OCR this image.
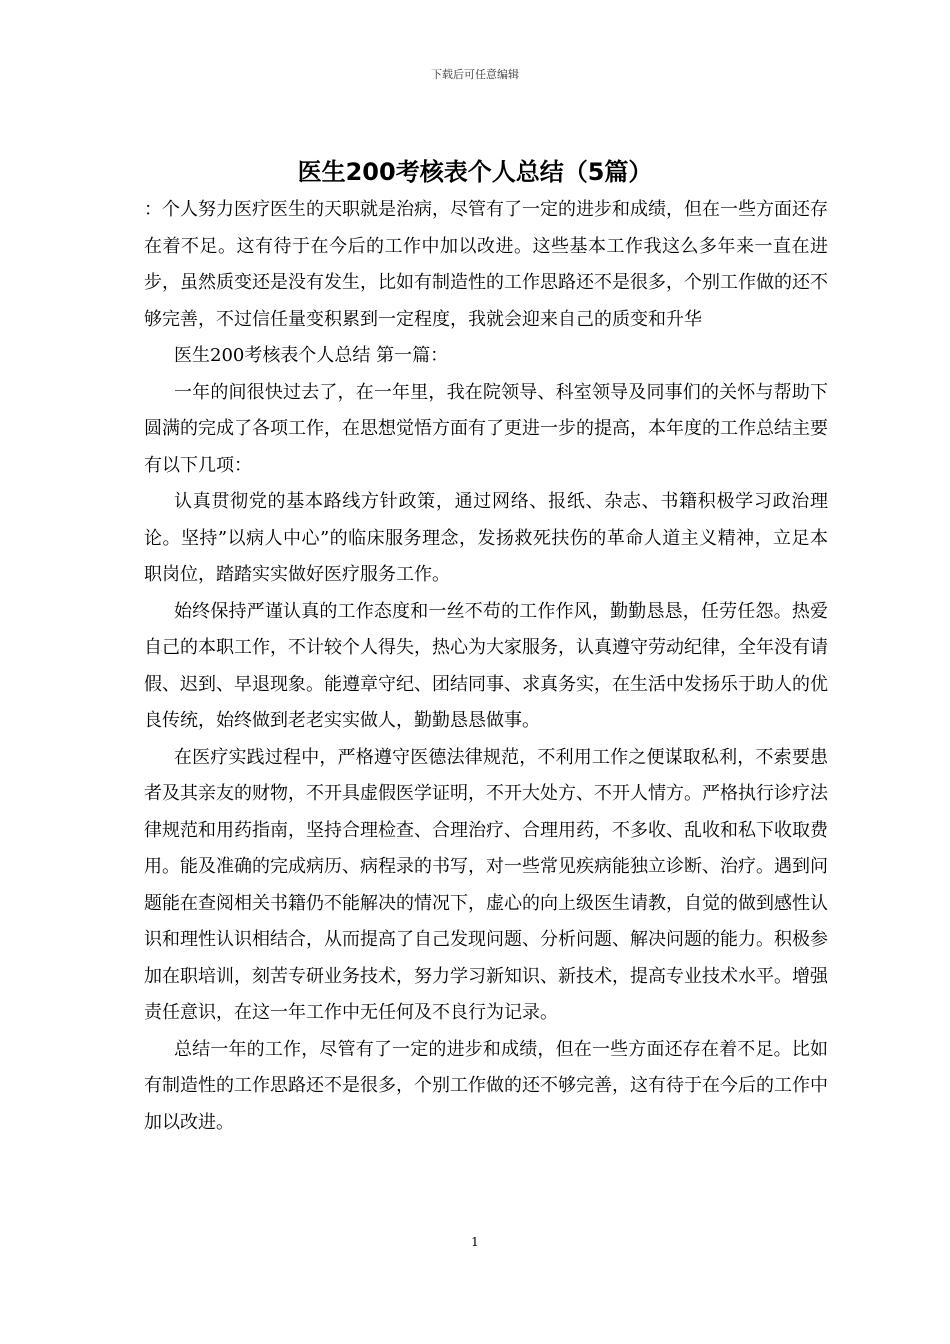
下载后可任意编辑
医生200考核表个人总结（5篇）

：个人努力医疗医生的天职就是治病，尽管有了一定的进步和成绩，但在一些方面还存在着不足。这有待于在今后的工作中加以改进。这些基本工作我这么多年来一直在进步，虽然质变还是没有发生，比如有制造性的工作思路还不是很多，个别工作做的还不够完善，不过信任量变积累到一定程度，我就会迎来自己的质变和升华

医生200考核表个人总结 第一篇：

一年的间很快过去了，在一年里，我在院领导、科室领导及同事们的关怀与帮助下圆满的完成了各项工作，在思想觉悟方面有了更进一步的提高，本年度的工作总结主要有以下几项：

认真贯彻党的基本路线方针政策，通过网络、报纸、杂志、书籍积极学习政治理论。坚持”以病人中心”的临床服务理念，发扬救死扶伤的革命人道主义精神，立足本职岗位，踏踏实实做好医疗服务工作。

始终保持严谨认真的工作态度和一丝不苟的工作作风，勤勤恳恳，任劳任怨。热爱自己的本职工作，不计较个人得失，热心为大家服务，认真遵守劳动纪律，全年没有请假、迟到、早退现象。能遵章守纪、团结同事、求真务实，在生活中发扬乐于助人的优良传统，始终做到老老实实做人，勤勤恳恳做事。

在医疗实践过程中，严格遵守医德法律规范，不利用工作之便谋取私利，不索要患者及其亲友的财物，不开具虚假医学证明，不开大处方、不开人情方。严格执行诊疗法律规范和用药指南，坚持合理检查、合理治疗、合理用药，不多收、乱收和私下收取费用。能及准确的完成病历、病程录的书写，对一些常见疾病能独立诊断、治疗。遇到问题能在查阅相关书籍仍不能解决的情况下，虚心的向上级医生请教，自觉的做到感性认识和理性认识相结合，从而提高了自己发现问题、分析问题、解决问题的能力。积极参加在职培训，刻苦专研业务技术，努力学习新知识、新技术，提高专业技术水平。增强责任意识，在这一年工作中无任何及不良行为记录。

总结一年的工作，尽管有了一定的进步和成绩，但在一些方面还存在着不足。比如有制造性的工作思路还不是很多，个别工作做的还不够完善，这有待于在今后的工作中加以改进。

1
